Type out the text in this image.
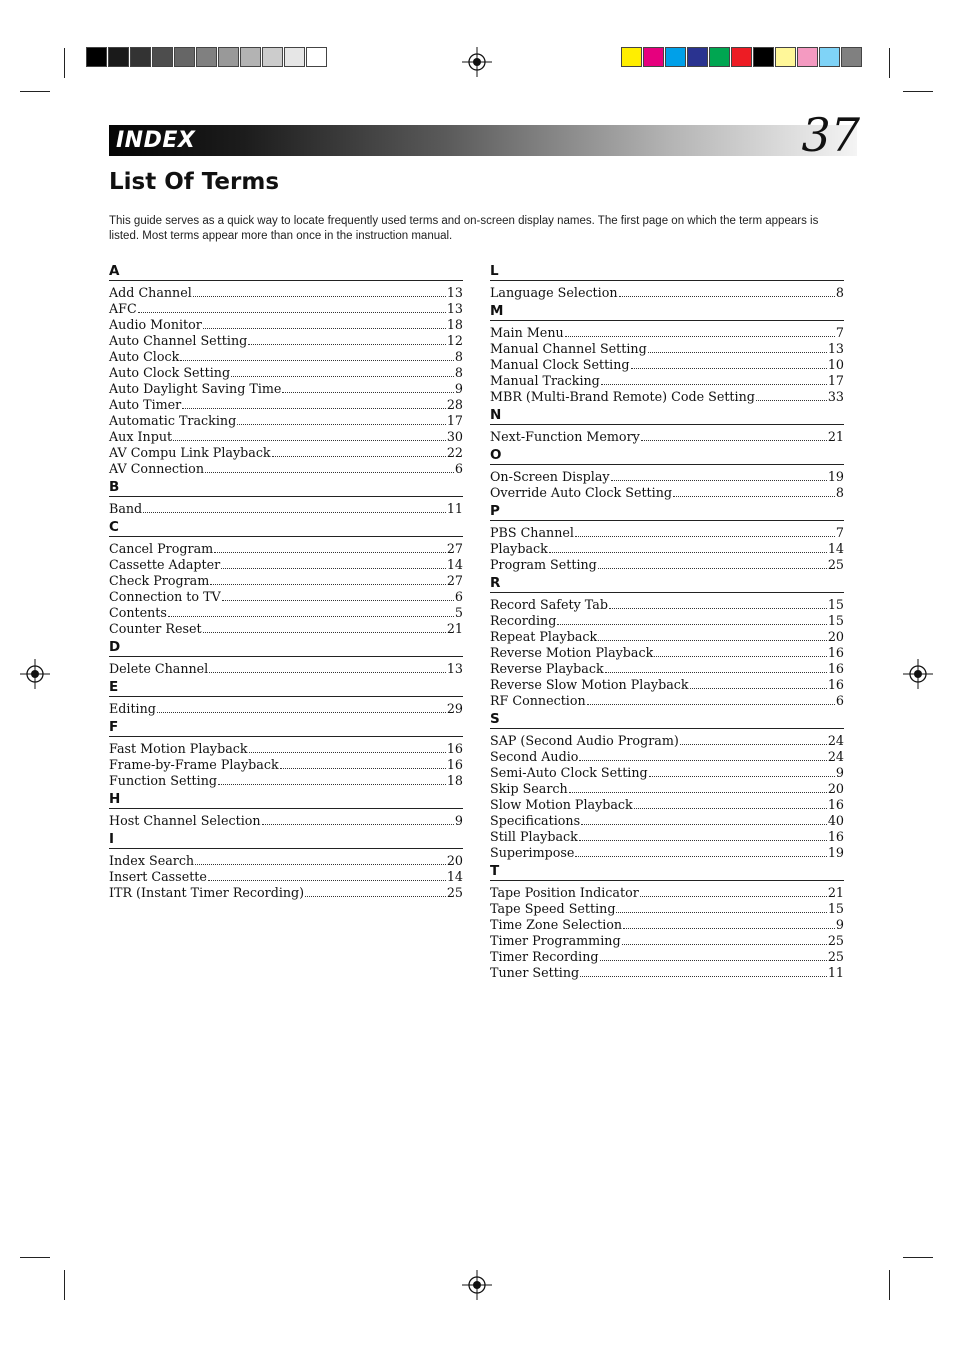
INDEX	37
List Of Terms
This guide serves as a quick way to locate frequently used terms and on-screen display names. The first page on which the term appears is listed. Most terms appear more than once in the instruction manual.
A
Add Channel	13
AFC	13
Audio Monitor	18
Auto Channel Setting	12
Auto Clock	8
Auto Clock Setting	8
Auto Daylight Saving Time	9
Auto Timer	28
Automatic Tracking	17
Aux Input	30
AV Compu Link Playback	22
AV Connection	6
B
Band	11
C
Cancel Program	27
Cassette Adapter	14
Check Program	27
Connection to TV	6
Contents	5
Counter Reset	21
D
Delete Channel	13
E
Editing	29
F
Fast Motion Playback	16
Frame-by-Frame Playback	16
Function Setting	18
H
Host Channel Selection	9
I
Index Search	20
Insert Cassette	14
ITR (Instant Timer Recording)	25
L
Language Selection	8
M
Main Menu	7
Manual Channel Setting	13
Manual Clock Setting	10
Manual Tracking	17
MBR (Multi-Brand Remote) Code Setting	33
N
Next-Function Memory	21
O
On-Screen Display	19
Override Auto Clock Setting	8
P
PBS Channel	7
Playback	14
Program Setting	25
R
Record Safety Tab	15
Recording	15
Repeat Playback	20
Reverse Motion Playback	16
Reverse Playback	16
Reverse Slow Motion Playback	16
RF Connection	6
S
SAP (Second Audio Program)	24
Second Audio	24
Semi-Auto Clock Setting	9
Skip Search	20
Slow Motion Playback	16
Specifications	40
Still Playback	16
Superimpose	19
T
Tape Position Indicator	21
Tape Speed Setting	15
Time Zone Selection	9
Timer Programming	25
Timer Recording	25
Tuner Setting	11
